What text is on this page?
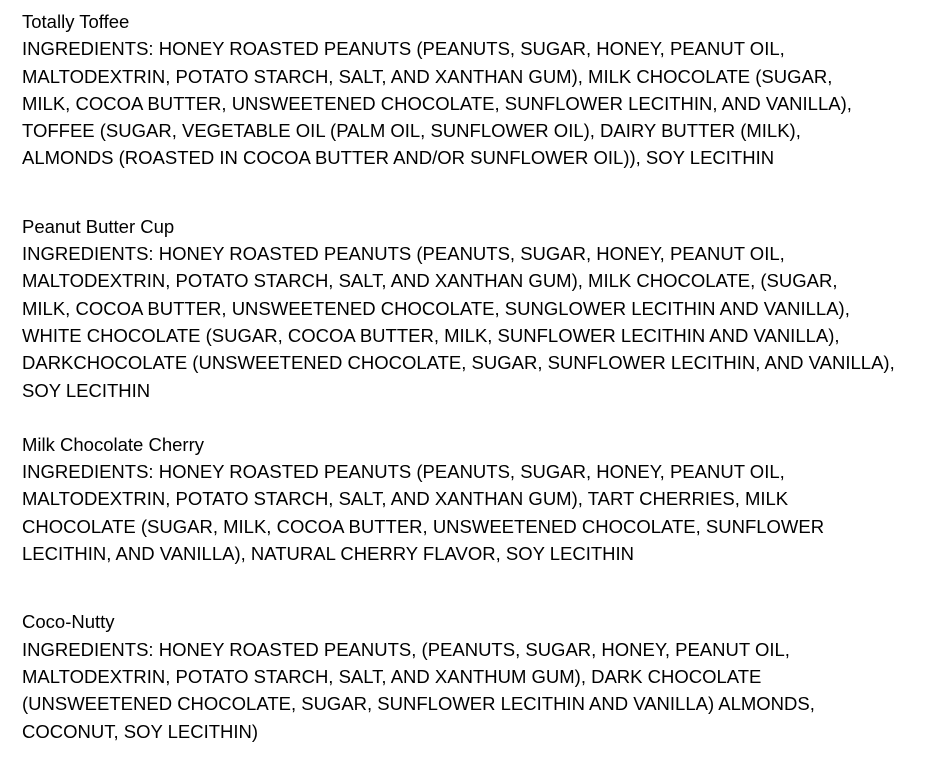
Totally Toffee
INGREDIENTS: HONEY ROASTED PEANUTS (PEANUTS, SUGAR, HONEY, PEANUT OIL,
MALTODEXTRIN, POTATO STARCH, SALT, AND XANTHAN GUM), MILK CHOCOLATE (SUGAR,
MILK, COCOA BUTTER, UNSWEETENED CHOCOLATE, SUNFLOWER LECITHIN, AND VANILLA),
TOFFEE (SUGAR, VEGETABLE OIL (PALM OIL, SUNFLOWER OIL), DAIRY BUTTER (MILK),
ALMONDS (ROASTED IN COCOA BUTTER AND/OR SUNFLOWER OIL)), SOY LECITHIN
Peanut Butter Cup
INGREDIENTS: HONEY ROASTED PEANUTS (PEANUTS, SUGAR, HONEY, PEANUT OIL,
MALTODEXTRIN, POTATO STARCH, SALT, AND XANTHAN GUM), MILK CHOCOLATE, (SUGAR,
MILK, COCOA BUTTER, UNSWEETENED CHOCOLATE, SUNGLOWER LECITHIN AND VANILLA),
WHITE CHOCOLATE (SUGAR, COCOA BUTTER, MILK, SUNFLOWER LECITHIN AND VANILLA),
DARKCHOCOLATE (UNSWEETENED CHOCOLATE, SUGAR, SUNFLOWER LECITHIN, AND VANILLA),
SOY LECITHIN
Milk Chocolate Cherry
INGREDIENTS: HONEY ROASTED PEANUTS (PEANUTS, SUGAR, HONEY, PEANUT OIL,
MALTODEXTRIN, POTATO STARCH, SALT, AND XANTHAN GUM), TART CHERRIES, MILK
CHOCOLATE (SUGAR, MILK, COCOA BUTTER, UNSWEETENED CHOCOLATE, SUNFLOWER
LECITHIN, AND VANILLA), NATURAL CHERRY FLAVOR, SOY LECITHIN
Coco-Nutty
INGREDIENTS: HONEY ROASTED PEANUTS, (PEANUTS, SUGAR, HONEY, PEANUT OIL,
MALTODEXTRIN, POTATO STARCH, SALT, AND XANTHUM GUM), DARK CHOCOLATE
(UNSWEETENED CHOCOLATE, SUGAR, SUNFLOWER LECITHIN AND VANILLA) ALMONDS,
COCONUT, SOY LECITHIN)
